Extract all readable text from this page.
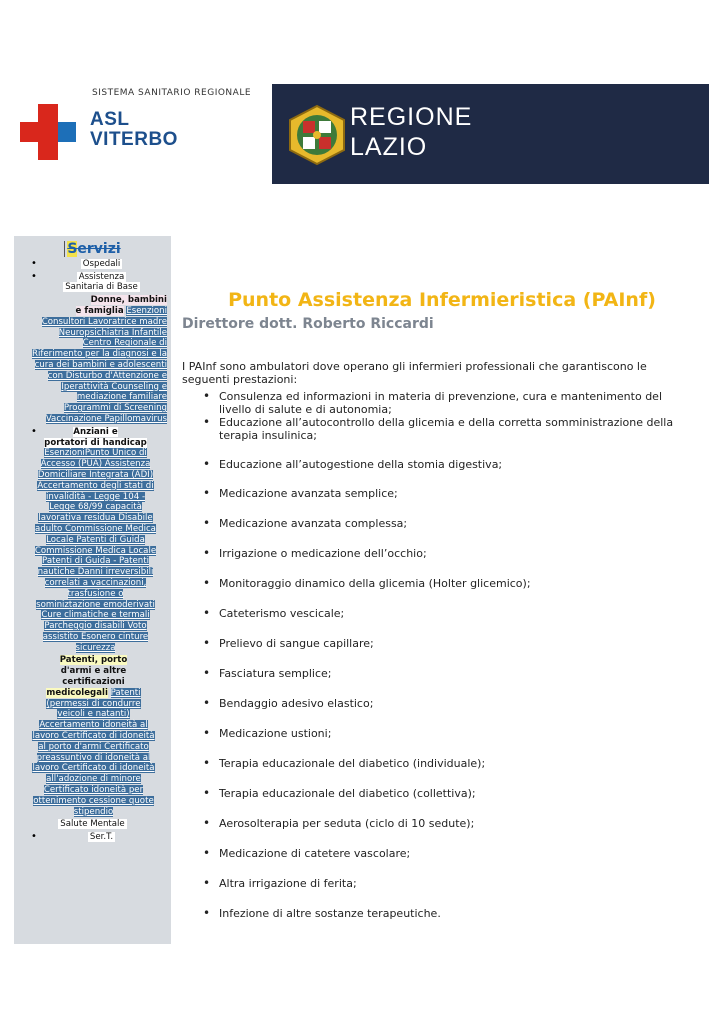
SISTEMA SANITARIO REGIONALE
ASL
VITERBO
REGIONE
LAZIO
Servizi
• Ospedali
• Assistenza
Sanitaria di Base
• Donne, bambini
e famiglia Esenzioni Consultori Lavoratrice madre Neuropsichiatria Infantile Centro Regionale di Riferimento per la diagnosi e la cura dei bambini e adolescenti con Disturbo d'Attenzione e Iperattività Counseling e mediazione familiare Programmi di Screening Vaccinazione Papillomavirus
• Anziani e
portatori di handicap
EsenzioniPunto Unico di Accesso (PUA) Assistenza Domiciliare Integrata (ADI) Accertamento degli stati di invalidità - Legge 104 - Legge 68/99 capacità lavorativa residua Disabile adulto Commissione Medica Locale Patenti di Guida Commissione Medica Locale Patenti di Guida - Patenti nautiche Danni irreversibili correlati a vaccinazioni, trasfusione o sominiztazione emoderivati Cure climatiche e termali Parcheggio disabili Voto assistito Esonero cinture sicurezza
• Patenti, porto
d'armi e altre
certificazioni
medicolegali Patenti (permessi di condurre veicoli e natanti) Accertamento idoneità al lavoro Certificato di idoneità al porto d'armi Certificato preassuntivo di idoneità al lavoro Certificato di idoneità all'adozione di minore Certificato idoneità per ottenimento cessione quote stipendio
• Salute Mentale
• Ser.T.
Punto Assistenza Infermieristica (PAInf)
Direttore dott. Roberto Riccardi

I PAInf sono ambulatori dove operano gli infermieri professionali che garantiscono le seguenti prestazioni:

• Consulenza ed informazioni in materia di prevenzione, cura e mantenimento del livello di salute e di autonomia;
• Educazione all’autocontrollo della glicemia e della corretta somministrazione della terapia insulinica;
• Educazione all’autogestione della stomia digestiva;
• Medicazione avanzata semplice;
• Medicazione avanzata complessa;
• Irrigazione o medicazione dell’occhio;
• Monitoraggio dinamico della glicemia (Holter glicemico);
• Cateterismo vescicale;
• Prelievo di sangue capillare;
• Fasciatura semplice;
• Bendaggio adesivo elastico;
• Medicazione ustioni;
• Terapia educazionale del diabetico (individuale);
• Terapia educazionale del diabetico (collettiva);
• Aerosolterapia per seduta (ciclo di 10 sedute);
• Medicazione di catetere vascolare;
• Altra irrigazione di ferita;
• Infezione di altre sostanze terapeutiche.
